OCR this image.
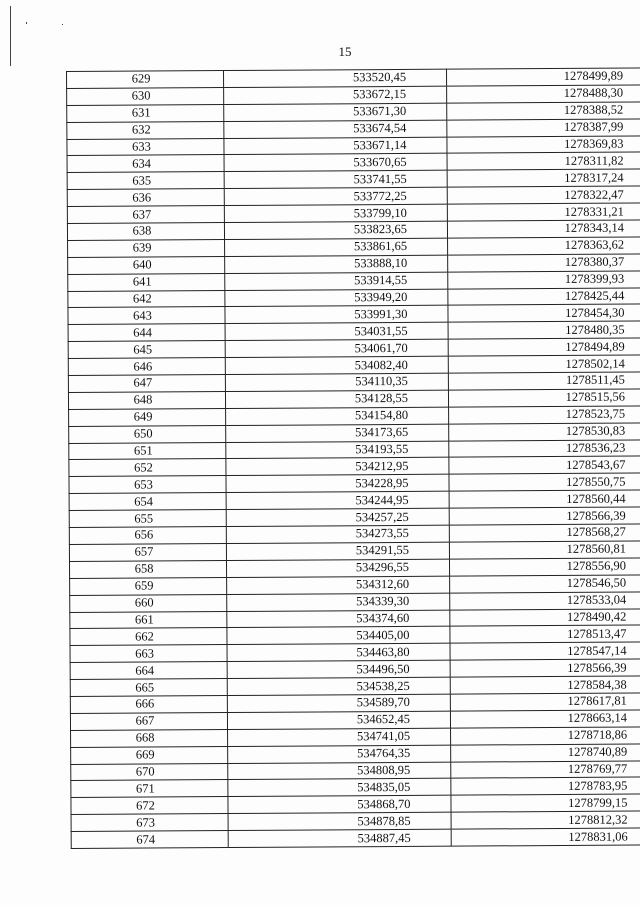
15
629	533520,45	1278499,89
630	533672,15	1278488,30
631	533671,30	1278388,52
632	533674,54	1278387,99
633	533671,14	1278369,83
634	533670,65	1278311,82
635	533741,55	1278317,24
636	533772,25	1278322,47
637	533799,10	1278331,21
638	533823,65	1278343,14
639	533861,65	1278363,62
640	533888,10	1278380,37
641	533914,55	1278399,93
642	533949,20	1278425,44
643	533991,30	1278454,30
644	534031,55	1278480,35
645	534061,70	1278494,89
646	534082,40	1278502,14
647	534110,35	1278511,45
648	534128,55	1278515,56
649	534154,80	1278523,75
650	534173,65	1278530,83
651	534193,55	1278536,23
652	534212,95	1278543,67
653	534228,95	1278550,75
654	534244,95	1278560,44
655	534257,25	1278566,39
656	534273,55	1278568,27
657	534291,55	1278560,81
658	534296,55	1278556,90
659	534312,60	1278546,50
660	534339,30	1278533,04
661	534374,60	1278490,42
662	534405,00	1278513,47
663	534463,80	1278547,14
664	534496,50	1278566,39
665	534538,25	1278584,38
666	534589,70	1278617,81
667	534652,45	1278663,14
668	534741,05	1278718,86
669	534764,35	1278740,89
670	534808,95	1278769,77
671	534835,05	1278783,95
672	534868,70	1278799,15
673	534878,85	1278812,32
674	534887,45	1278831,06
